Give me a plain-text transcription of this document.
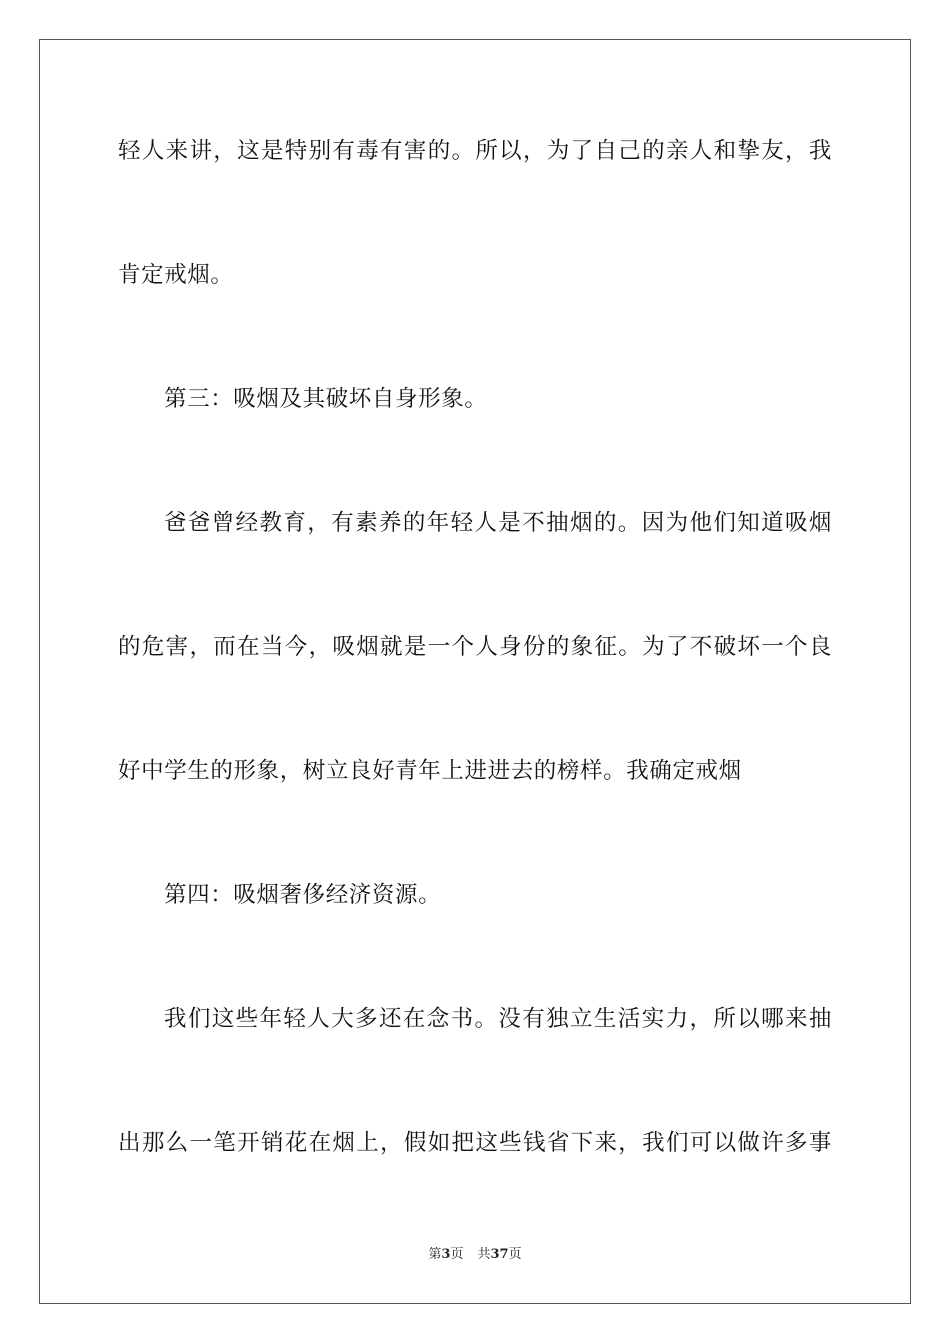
轻人来讲，这是特别有毒有害的。所以，为了自己的亲人和挚友，我
肯定戒烟。
第三：吸烟及其破坏自身形象。
爸爸曾经教育，有素养的年轻人是不抽烟的。因为他们知道吸烟
的危害，而在当今，吸烟就是一个人身份的象征。为了不破坏一个良
好中学生的形象，树立良好青年上进进去的榜样。我确定戒烟
第四：吸烟奢侈经济资源。
我们这些年轻人大多还在念书。没有独立生活实力，所以哪来抽
出那么一笔开销花在烟上，假如把这些钱省下来，我们可以做许多事
第3页 共37页
